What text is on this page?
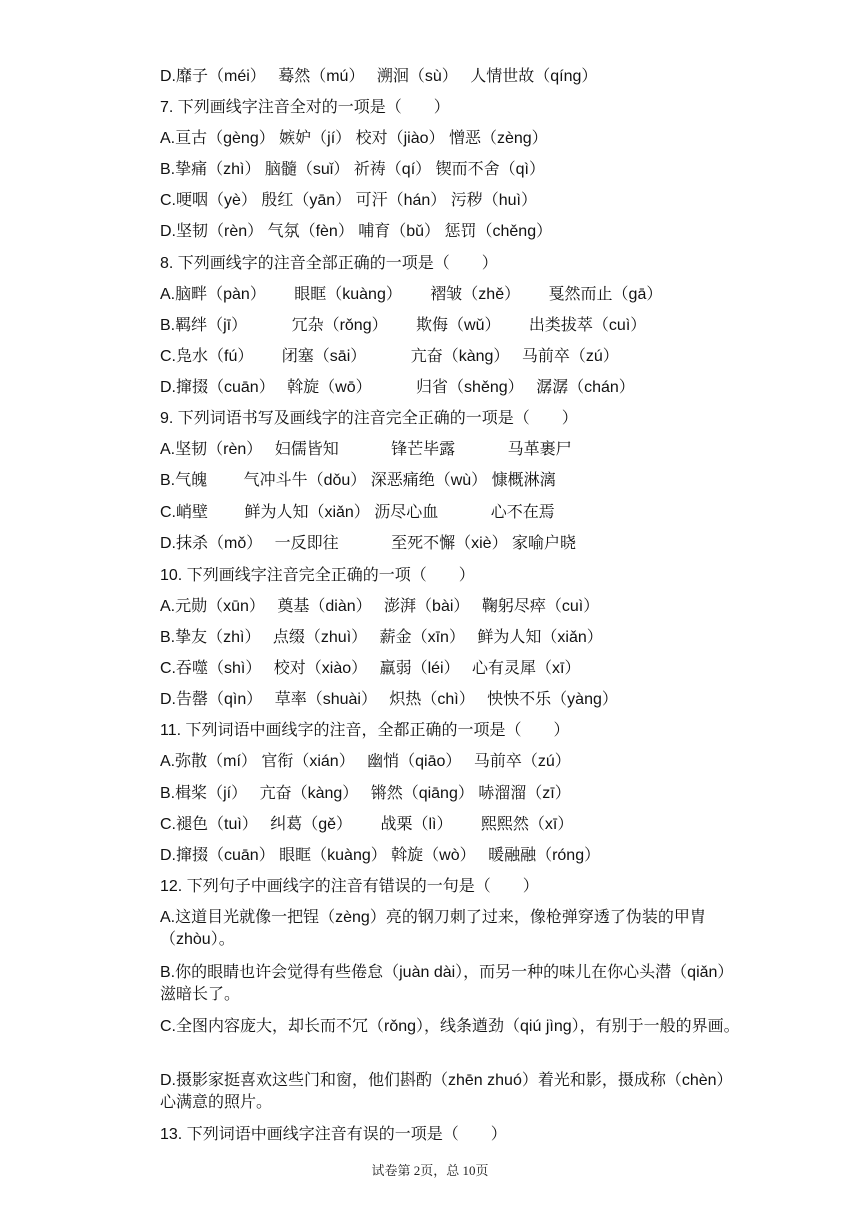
D.靡子（méi）　 蓦然（mú）　 溯洄（sù）　 人情世故（qíng）
7. 下列画线字注音全对的一项是（　　）
A.亘古（gèng） 嫉妒（jí） 校对（jiào） 憎恶（zèng）
B.挚痛（zhì） 脑髓（suǐ） 祈祷（qí） 锲而不舍（qì）
C.哽咽（yè） 殷红（yān） 可汗（hán） 污秽（huì）
D.坚韧（rèn） 气氛（fèn） 哺育（bǔ） 惩罚（chěng）
8. 下列画线字的注音全部正确的一项是（　　）
A.脑畔（pàn）　　 眼眶（kuàng）　　 褶皱（zhě）　　 戛然而止（gā）
B.羁绊（jī）　　　 冗杂（rǒng）　　 欺侮（wǔ）　　 出类拔萃（cuì）
C.凫水（fú）　　 闭塞（sāi）　　　 亢奋（kàng）　 马前卒（zú）
D.撺掇（cuān）　 斡旋（wō）　　　 归省（shěng）　 潺潺（chán）
9. 下列词语书写及画线字的注音完全正确的一项是（　　）
A.坚韧（rèn）　 妇儒皆知　　　 锋芒毕露　　　 马革裹尸
B.气魄　　 气冲斗牛（dǒu） 深恶痛绝（wù） 慷概淋漓
C.峭壁　　 鲜为人知（xiǎn） 沥尽心血　　　 心不在焉
D.抹杀（mǒ）　 一反即往　　　 至死不懈（xiè） 家喻户晓
10. 下列画线字注音完全正确的一项（　　）
A.元勋（xūn）　 奠基（diàn）　 澎湃（bài）　 鞠躬尽瘁（cuì）
B.挚友（zhì）　 点缀（zhuì）　 薪金（xīn）　 鲜为人知（xiǎn）
C.吞噬（shì）　 校对（xiào）　 羸弱（léi）　 心有灵犀（xī）
D.告罄（qìn）　 草率（shuài）　 炽热（chì）　 怏怏不乐（yàng）
11. 下列词语中画线字的注音，全都正确的一项是（　　）
A.弥散（mí） 官衔（xián）　 幽悄（qiāo）　 马前卒（zú）
B.楫桨（jí）　 亢奋（kàng）　 锵然（qiāng） 哧溜溜（zī）
C.褪色（tuì）　 纠葛（gě）　　 战栗（lì）　　 熙熙然（xī）
D.撺掇（cuān） 眼眶（kuàng） 斡旋（wò）　 暖融融（róng）
12. 下列句子中画线字的注音有错误的一句是（　　）
A.这道目光就像一把锃（zèng）亮的钢刀刺了过来，像枪弹穿透了伪装的甲胄（zhòu）。
B.你的眼睛也许会觉得有些倦怠（juàn dài），而另一种的味儿在你心头潜（qiǎn）滋暗长了。
C.全图内容庞大，却长而不冗（rǒng），线条遒劲（qiú jìng），有别于一般的界画。
D.摄影家挺喜欢这些门和窗，他们斟酌（zhēn zhuó）着光和影，摄成称（chèn）心满意的照片。
13. 下列词语中画线字注音有误的一项是（　　）
试卷第 2页，总 10页
